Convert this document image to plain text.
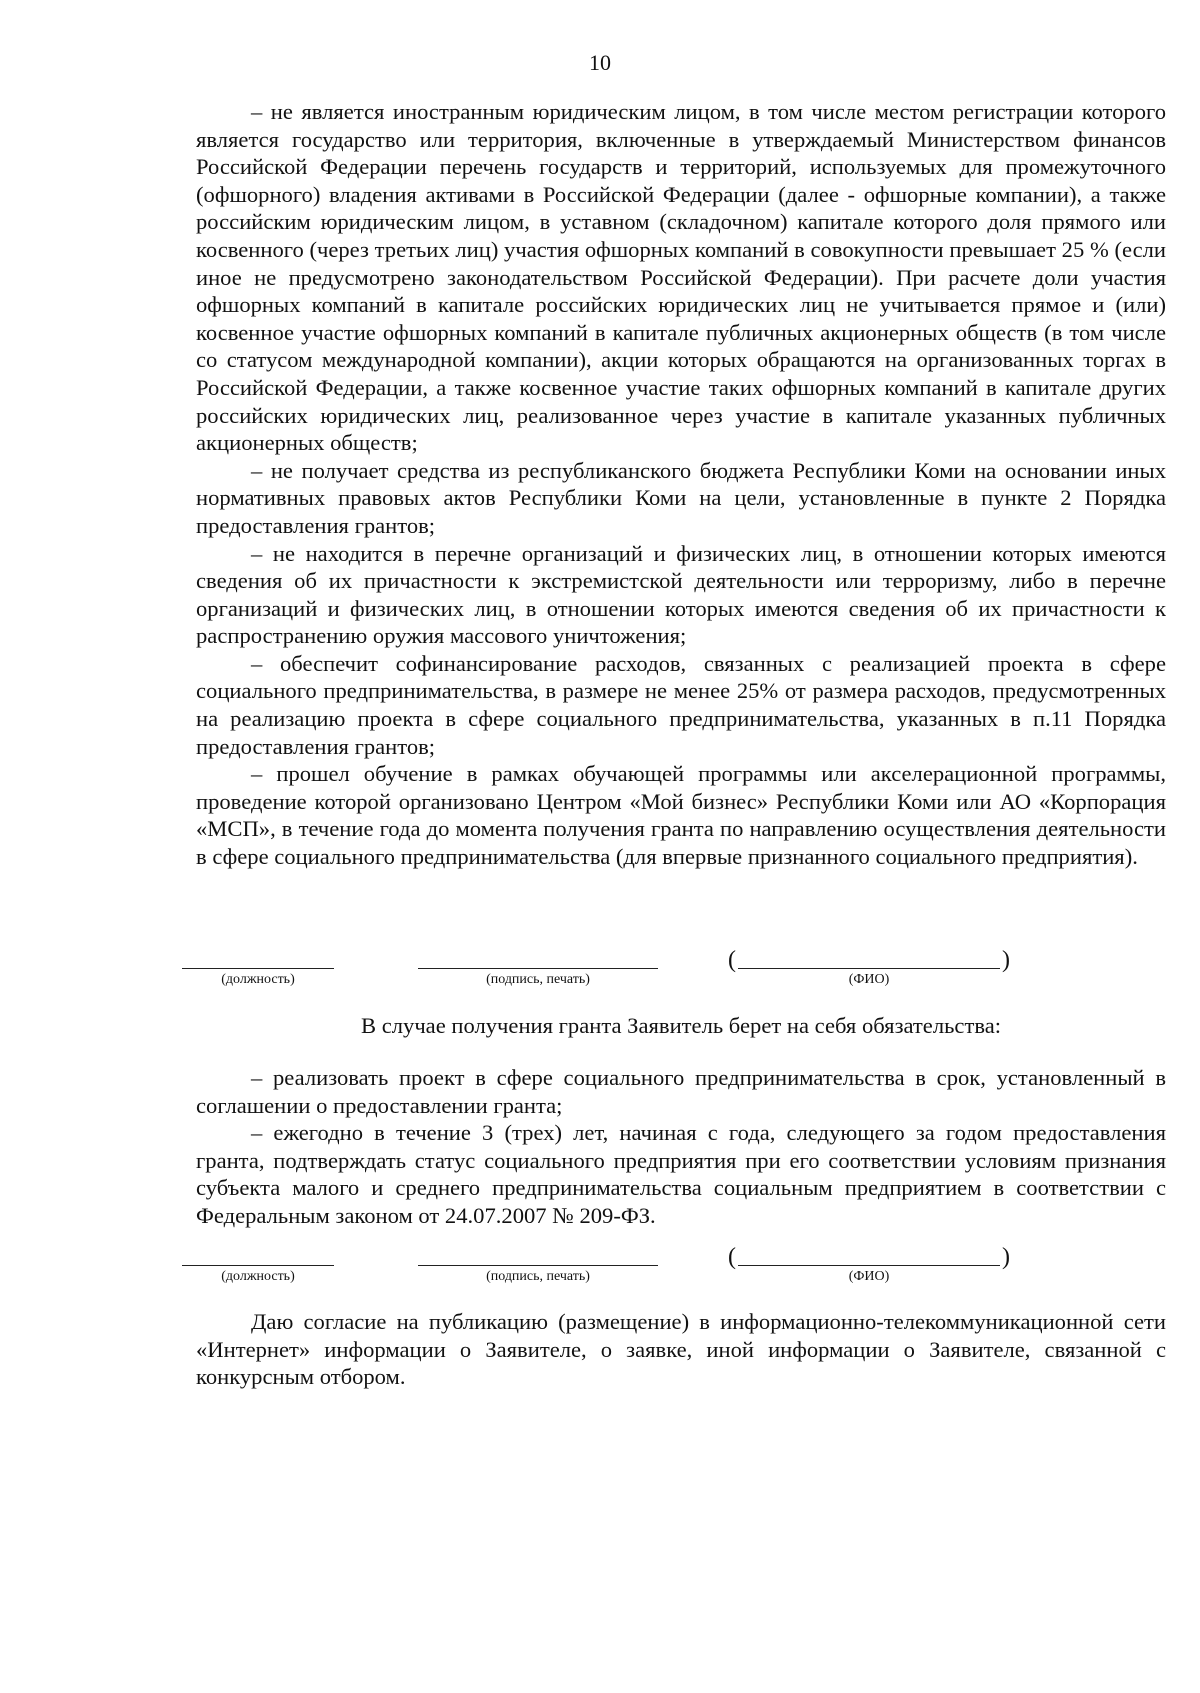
10

– не является иностранным юридическим лицом, в том числе местом регистрации которого является государство или территория, включенные в утверждаемый Министерством финансов Российской Федерации перечень государств и территорий, используемых для промежуточного (офшорного) владения активами в Российской Федерации (далее - офшорные компании), а также российским юридическим лицом, в уставном (складочном) капитале которого доля прямого или косвенного (через третьих лиц) участия офшорных компаний в совокупности превышает 25 % (если иное не предусмотрено законодательством Российской Федерации). При расчете доли участия офшорных компаний в капитале российских юридических лиц не учитывается прямое и (или) косвенное участие офшорных компаний в капитале публичных акционерных обществ (в том числе со статусом международной компании), акции которых обращаются на организованных торгах в Российской Федерации, а также косвенное участие таких офшорных компаний в капитале других российских юридических лиц, реализованное через участие в капитале указанных публичных акционерных обществ;

– не получает средства из республиканского бюджета Республики Коми на основании иных нормативных правовых актов Республики Коми на цели, установленные в пункте 2 Порядка предоставления грантов;

– не находится в перечне организаций и физических лиц, в отношении которых имеются сведения об их причастности к экстремистской деятельности или терроризму, либо в перечне организаций и физических лиц, в отношении которых имеются сведения об их причастности к распространению оружия массового уничтожения;

– обеспечит софинансирование расходов, связанных с реализацией проекта в сфере социального предпринимательства, в размере не менее 25% от размера расходов, предусмотренных на реализацию проекта в сфере социального предпринимательства, указанных в п.11 Порядка предоставления грантов;

– прошел обучение в рамках обучающей программы или акселерационной программы, проведение которой организовано Центром «Мой бизнес» Республики Коми или АО «Корпорация «МСП», в течение года до момента получения гранта по направлению осуществления деятельности в сфере социального предпринимательства (для впервые признанного социального предприятия).

(должность)	(подпись, печать)
(	)
(ФИО)
В случае получения гранта Заявитель берет на себя обязательства:

– реализовать проект в сфере социального предпринимательства в срок, установленный в соглашении о предоставлении гранта;

– ежегодно в течение 3 (трех) лет, начиная с года, следующего за годом предоставления гранта, подтверждать статус социального предприятия при его соответствии условиям признания субъекта малого и среднего предпринимательства социальным предприятием в соответствии с Федеральным законом от 24.07.2007 № 209-ФЗ.

(должность)	(подпись, печать)
(	)
(ФИО)

Даю согласие на публикацию (размещение) в информационно-телекоммуникационной сети «Интернет» информации о Заявителе, о заявке, иной информации о Заявителе, связанной с конкурсным отбором.
